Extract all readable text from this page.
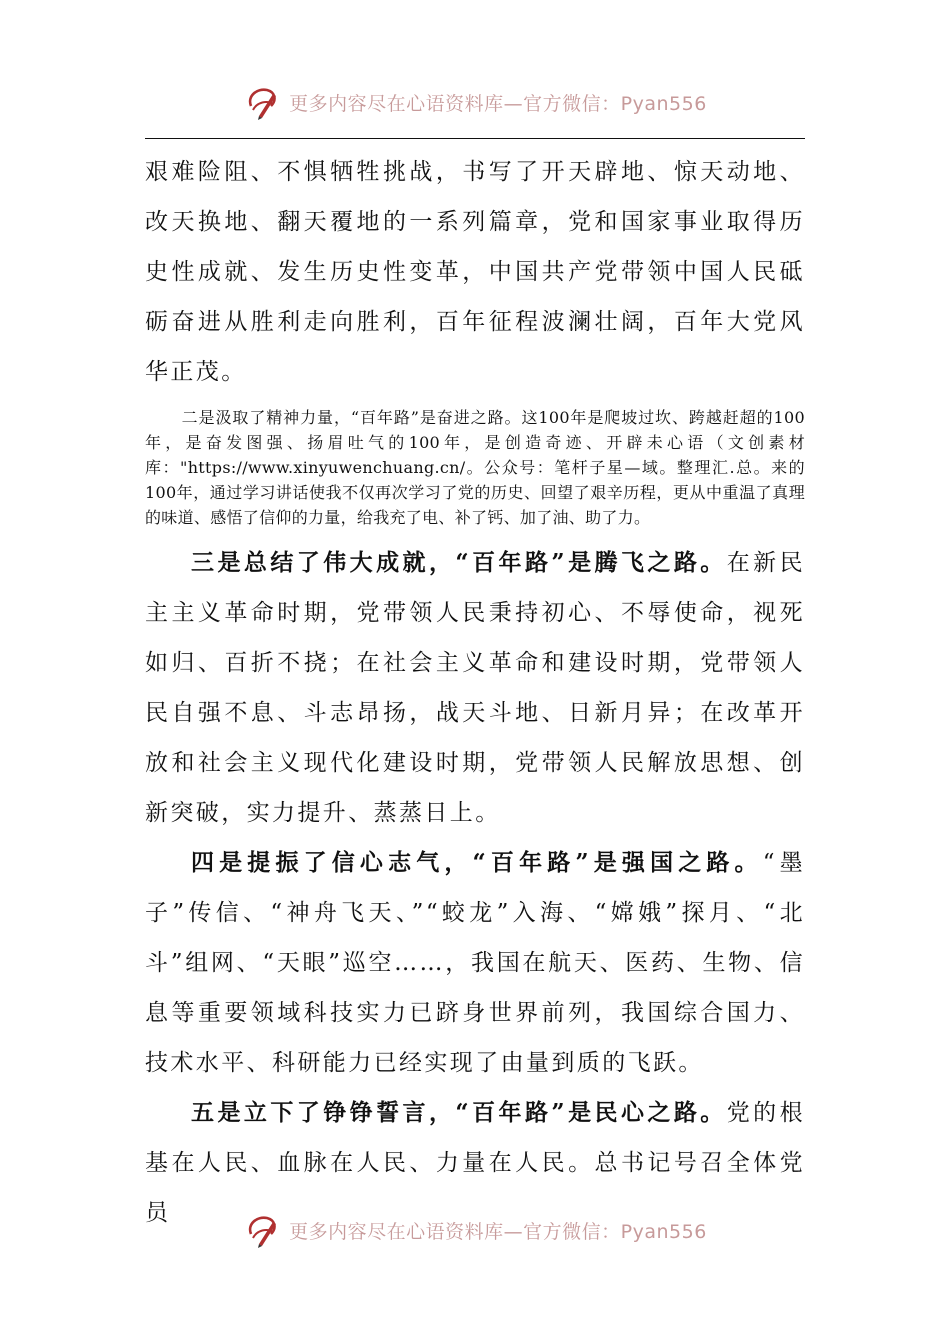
更多内容尽在心语资料库—官方微信：Pyan556

艰难险阻、不惧牺牲挑战，书写了开天辟地、惊天动地、改天换地、翻天覆地的一系列篇章，党和国家事业取得历史性成就、发生历史性变革，中国共产党带领中国人民砥砺奋进从胜利走向胜利，百年征程波澜壮阔，百年大党风华正茂。

二是汲取了精神力量，“百年路”是奋进之路。这100年是爬坡过坎、跨越赶超的100年，是奋发图强、扬眉吐气的100年，是创造奇迹、开辟未心语（文创素材库："https://www.xinyuwenchuang.cn/。公众号：笔杆子星—域。整理汇.总。来的100年，通过学习讲话使我不仅再次学习了党的历史、回望了艰辛历程，更从中重温了真理的味道、感悟了信仰的力量，给我充了电、补了钙、加了油、助了力。

三是总结了伟大成就，“百年路”是腾飞之路。在新民主主义革命时期，党带领人民秉持初心、不辱使命，视死如归、百折不挠；在社会主义革命和建设时期，党带领人民自强不息、斗志昂扬，战天斗地、日新月异；在改革开放和社会主义现代化建设时期，党带领人民解放思想、创新突破，实力提升、蒸蒸日上。

四是提振了信心志气，“百年路”是强国之路。“墨子”传信、“神舟飞天、”“蛟龙”入海、“嫦娥”探月、“北斗”组网、“天眼”巡空……，我国在航天、医药、生物、信息等重要领域科技实力已跻身世界前列，我国综合国力、技术水平、科研能力已经实现了由量到质的飞跃。

五是立下了铮铮誓言，“百年路”是民心之路。党的根基在人民、血脉在人民、力量在人民。总书记号召全体党员

更多内容尽在心语资料库—官方微信：Pyan556
